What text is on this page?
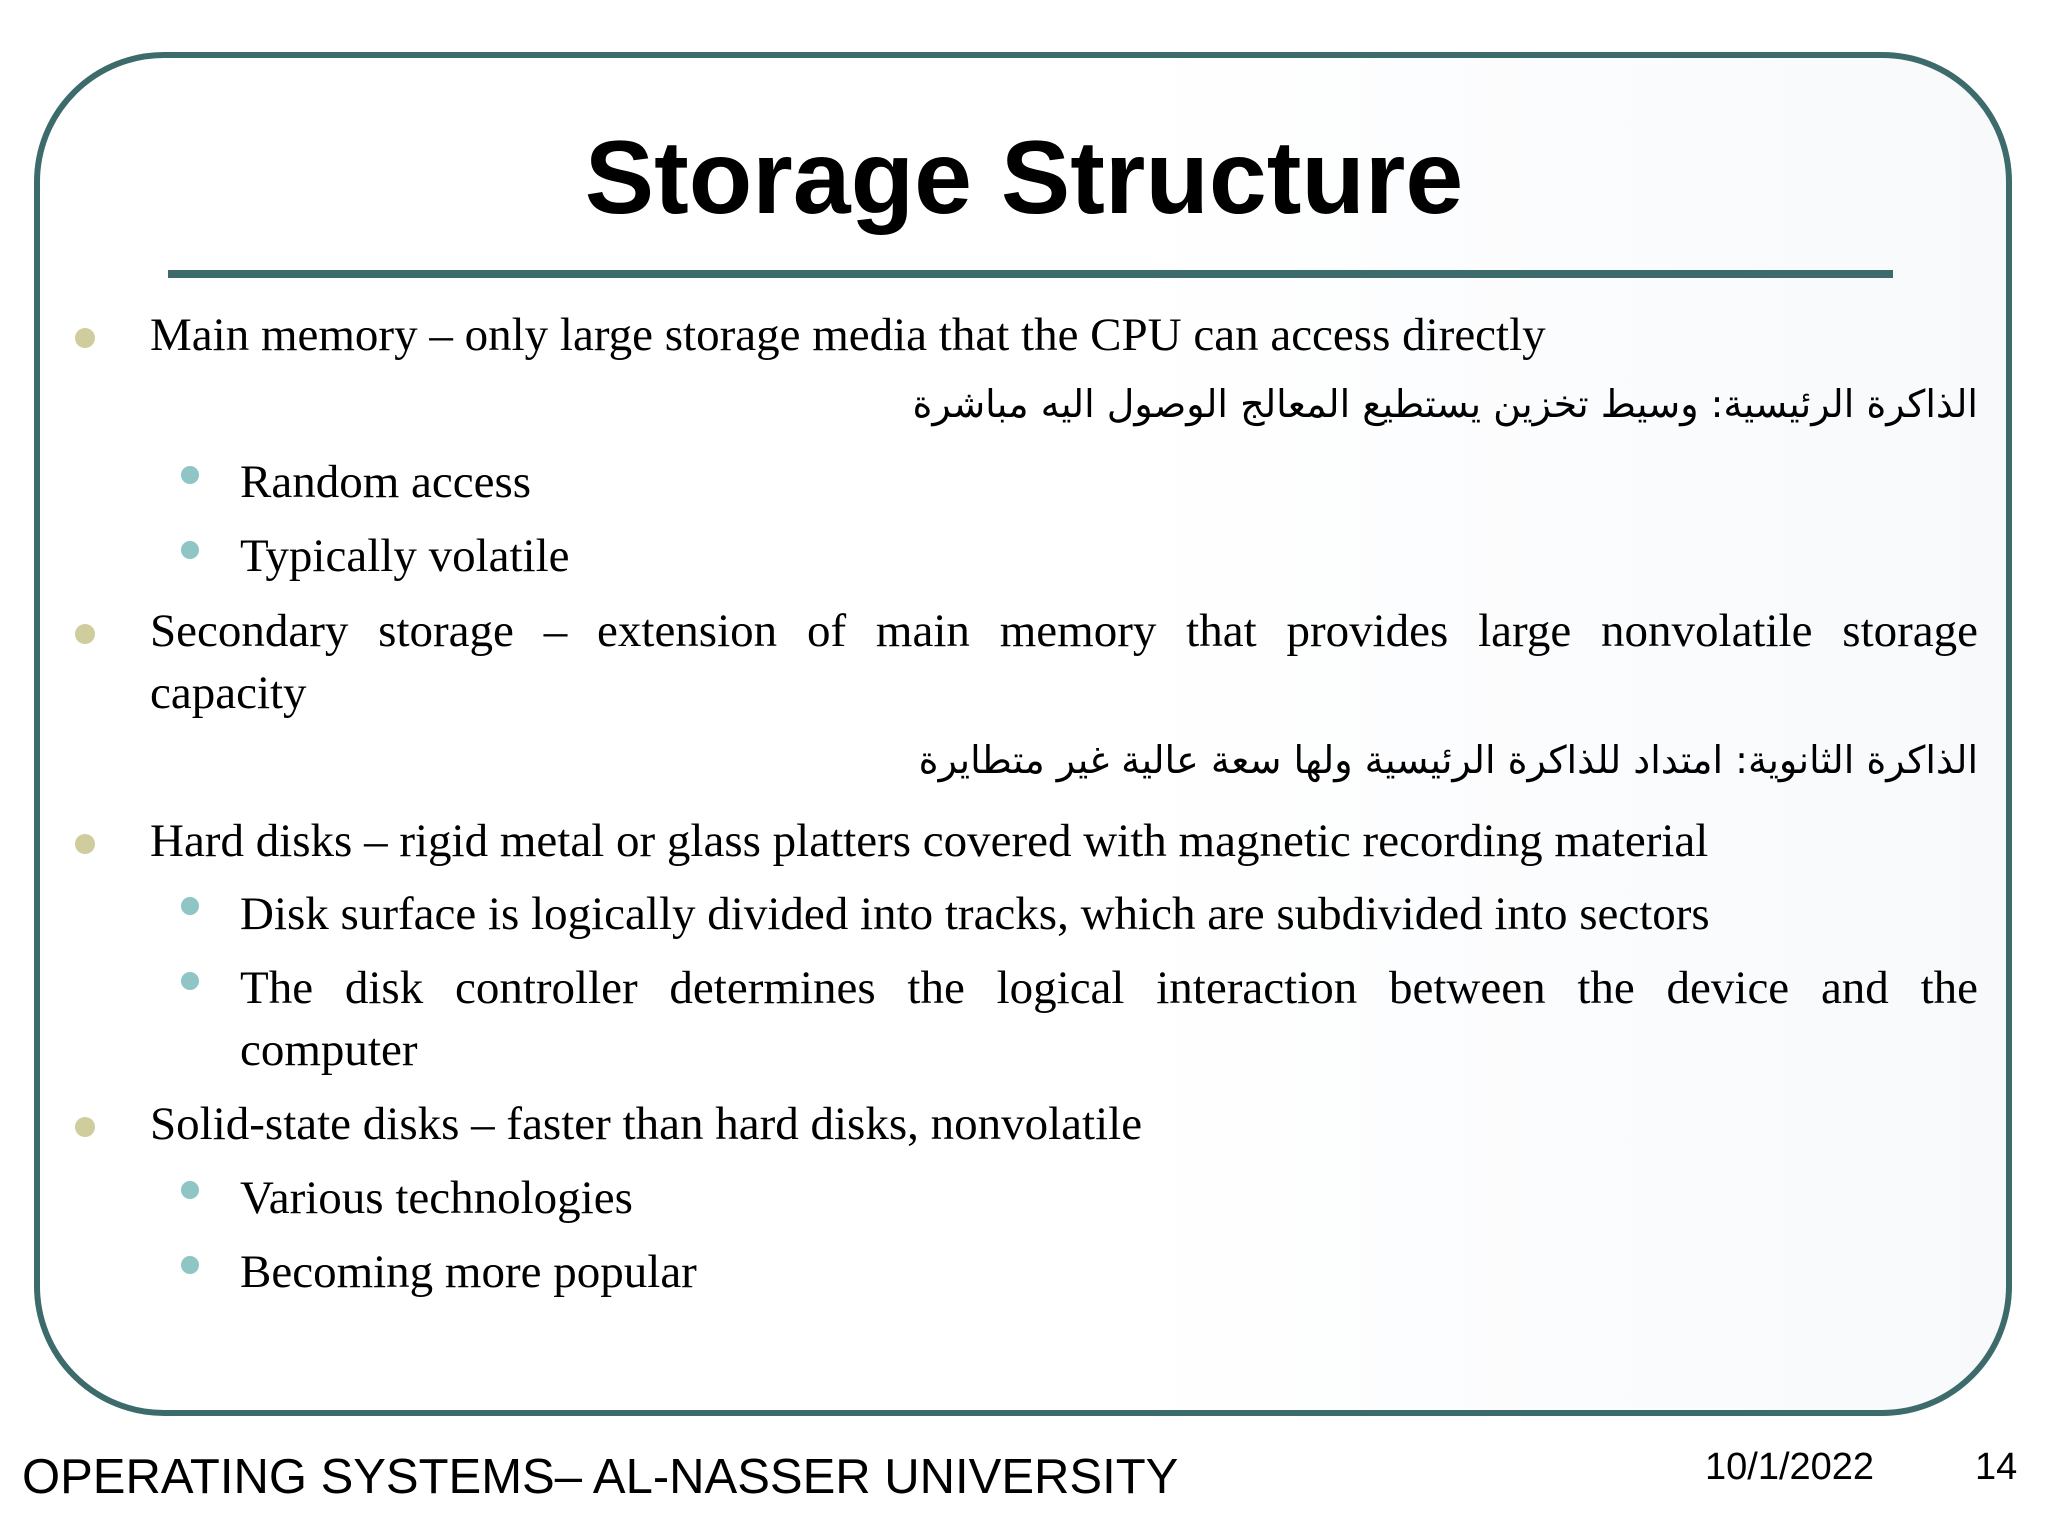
Storage Structure

Main memory – only large storage media that the CPU can access directly

الذاكرة الرئيسية: وسيط تخزين يستطيع المعالج الوصول اليه مباشرة

Random access

Typically volatile

Secondary storage – extension of main memory that provides large nonvolatile storage

capacity

الذاكرة الثانوية: امتداد للذاكرة الرئيسية ولها سعة عالية غير متطايرة

Hard disks – rigid metal or glass platters covered with magnetic recording material

Disk surface is logically divided into tracks, which are subdivided into sectors

The disk controller determines the logical interaction between the device and the

computer

Solid-state disks – faster than hard disks, nonvolatile

Various technologies

Becoming more popular

OPERATING SYSTEMS– AL-NASSER UNIVERSITY	10/1/2022	14
